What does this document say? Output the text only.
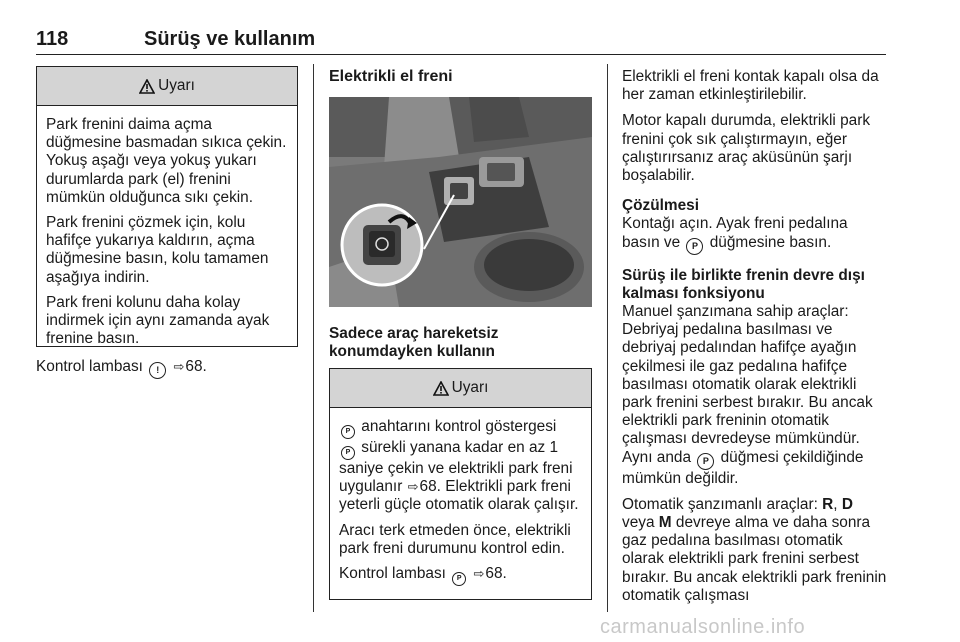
118	Sürüş ve kullanım
Uyarı

Park frenini daima açma düğmesine basmadan sıkıca çekin. Yokuş aşağı veya yokuş yukarı durumlarda park (el) frenini mümkün olduğunca sıkı çekin.

Park frenini çözmek için, kolu hafifçe yukarıya kaldırın, açma düğmesine basın, kolu tamamen aşağıya indirin.

Park freni kolunu daha kolay indirmek için aynı zamanda ayak frenine basın.

Kontrol lambası ! ⇨68.
Elektrikli el freni
Sadece araç hareketsiz
konumdayken kullanın
Uyarı

P anahtarını kontrol göstergesi
P sürekli yanana kadar en az 1 saniye çekin ve elektrikli park freni uygulanır ⇨68. Elektrikli park freni yeterli güçle otomatik olarak çalışır.

Aracı terk etmeden önce, elektrikli park freni durumunu kontrol edin.

Kontrol lambası P ⇨68.

Elektrikli el freni kontak kapalı olsa da her zaman etkinleştirilebilir.

Motor kapalı durumda, elektrikli park frenini çok sık çalıştırmayın, eğer çalıştırırsanız araç aküsünün şarjı boşalabilir.

Çözülmesi
Kontağı açın. Ayak freni pedalına basın ve P düğmesine basın.

Sürüş ile birlikte frenin devre dışı kalması fonksiyonu
Manuel şanzımana sahip araçlar: Debriyaj pedalına basılması ve debriyaj pedalından hafifçe ayağın çekilmesi ile gaz pedalına hafifçe basılması otomatik olarak elektrikli park frenini serbest bırakır. Bu ancak elektrikli park freninin otomatik çalışması devredeyse mümkündür. Aynı anda P düğmesi çekildiğinde mümkün değildir.

Otomatik şanzımanlı araçlar: R, D veya M devreye alma ve daha sonra gaz pedalına basılması otomatik olarak elektrikli park frenini serbest bırakır. Bu ancak elektrikli park freninin otomatik çalışması

carmanualsonline.info
